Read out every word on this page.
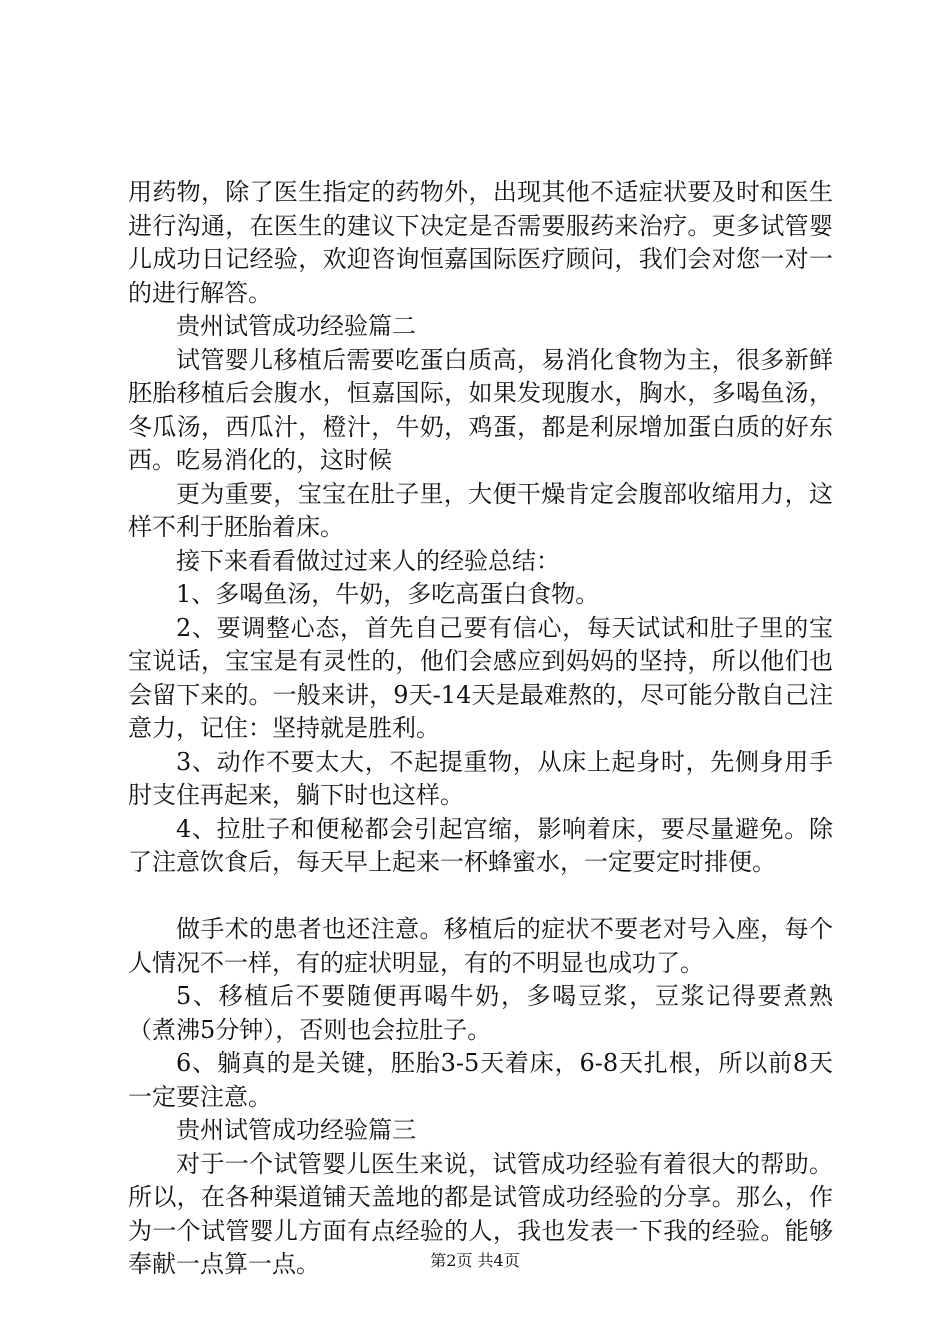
用药物，除了医生指定的药物外，出现其他不适症状要及时和医生进行沟通，在医生的建议下决定是否需要服药来治疗。更多试管婴儿成功日记经验，欢迎咨询恒嘉国际医疗顾问，我们会对您一对一的进行解答。

贵州试管成功经验篇二

试管婴儿移植后需要吃蛋白质高，易消化食物为主，很多新鲜胚胎移植后会腹水，恒嘉国际，如果发现腹水，胸水，多喝鱼汤，冬瓜汤，西瓜汁，橙汁，牛奶，鸡蛋，都是利尿增加蛋白质的好东西。吃易消化的，这时候

更为重要，宝宝在肚子里，大便干燥肯定会腹部收缩用力，这样不利于胚胎着床。

接下来看看做过过来人的经验总结：

1、多喝鱼汤，牛奶，多吃高蛋白食物。

2、要调整心态，首先自己要有信心，每天试试和肚子里的宝宝说话，宝宝是有灵性的，他们会感应到妈妈的坚持，所以他们也会留下来的。一般来讲，9天-14天是最难熬的，尽可能分散自己注意力，记住：坚持就是胜利。

3、动作不要太大，不起提重物，从床上起身时，先侧身用手肘支住再起来，躺下时也这样。

4、拉肚子和便秘都会引起宫缩，影响着床，要尽量避免。除了注意饮食后，每天早上起来一杯蜂蜜水，一定要定时排便。

做手术的患者也还注意。移植后的症状不要老对号入座，每个人情况不一样，有的症状明显，有的不明显也成功了。

5、移植后不要随便再喝牛奶，多喝豆浆，豆浆记得要煮熟（煮沸5分钟），否则也会拉肚子。

6、躺真的是关键，胚胎3-5天着床，6-8天扎根，所以前8天一定要注意。

贵州试管成功经验篇三

对于一个试管婴儿医生来说，试管成功经验有着很大的帮助。所以，在各种渠道铺天盖地的都是试管成功经验的分享。那么，作为一个试管婴儿方面有点经验的人，我也发表一下我的经验。能够奉献一点算一点。	第2页 共4页
